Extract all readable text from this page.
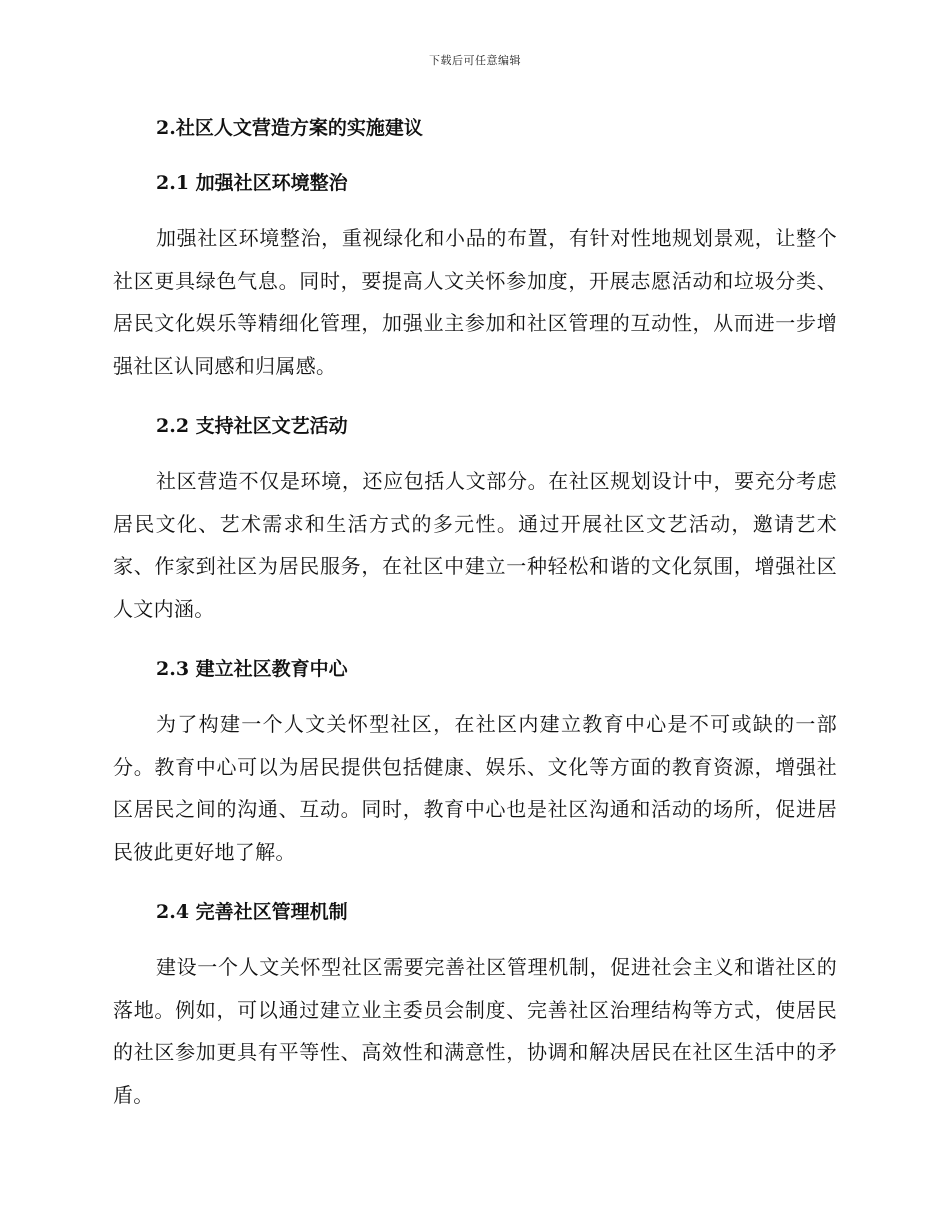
下载后可任意编辑
2.社区人文营造方案的实施建议
2.1 加强社区环境整治

加强社区环境整治，重视绿化和小品的布置，有针对性地规划景观，让整个社区更具绿色气息。同时，要提高人文关怀参加度，开展志愿活动和垃圾分类、居民文化娱乐等精细化管理，加强业主参加和社区管理的互动性，从而进一步增强社区认同感和归属感。

2.2 支持社区文艺活动

社区营造不仅是环境，还应包括人文部分。在社区规划设计中，要充分考虑居民文化、艺术需求和生活方式的多元性。通过开展社区文艺活动，邀请艺术家、作家到社区为居民服务，在社区中建立一种轻松和谐的文化氛围，增强社区人文内涵。

2.3 建立社区教育中心

为了构建一个人文关怀型社区，在社区内建立教育中心是不可或缺的一部分。教育中心可以为居民提供包括健康、娱乐、文化等方面的教育资源，增强社区居民之间的沟通、互动。同时，教育中心也是社区沟通和活动的场所，促进居民彼此更好地了解。

2.4 完善社区管理机制

建设一个人文关怀型社区需要完善社区管理机制，促进社会主义和谐社区的落地。例如，可以通过建立业主委员会制度、完善社区治理结构等方式，使居民的社区参加更具有平等性、高效性和满意性，协调和解决居民在社区生活中的矛盾。
